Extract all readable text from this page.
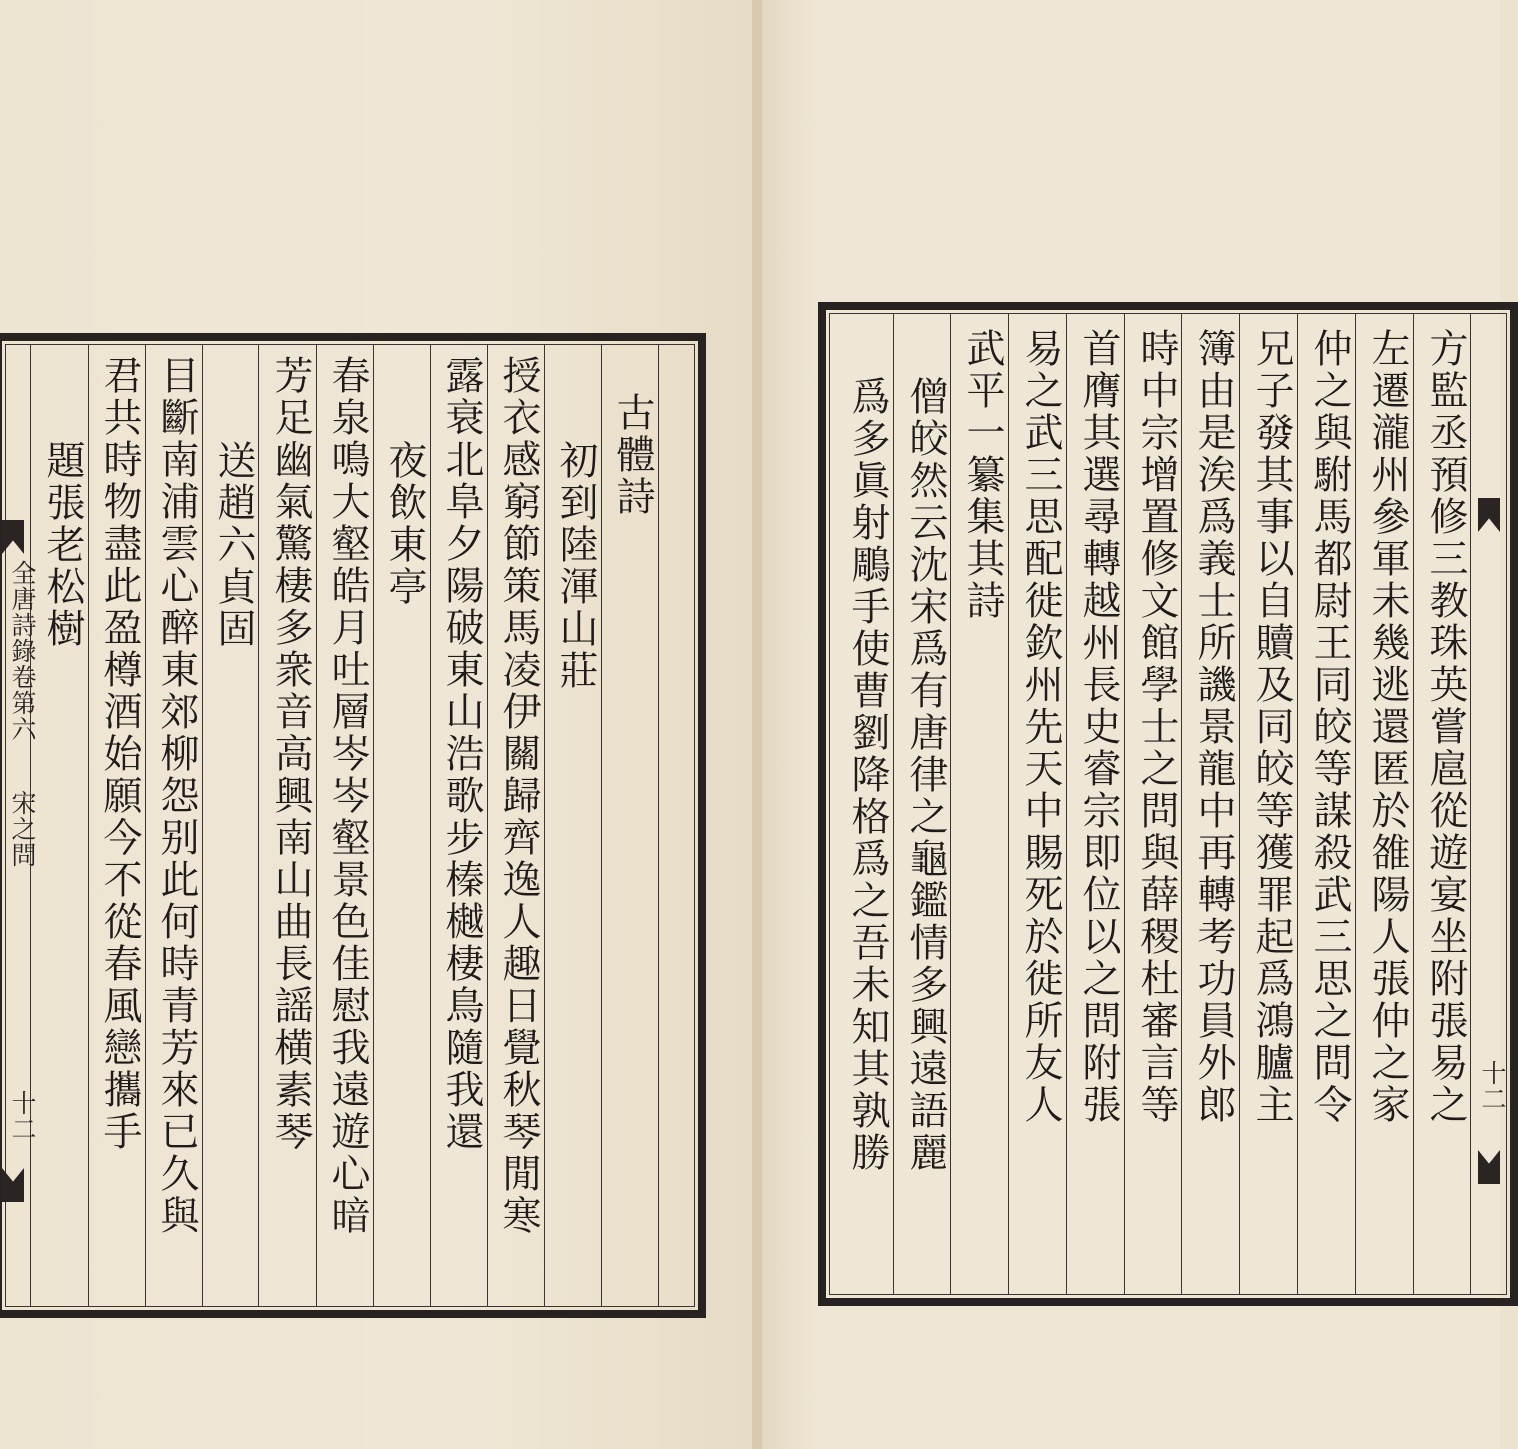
全唐詩錄卷第六
宋之問
十二
古體詩
初到陸渾山莊
授衣感窮節策馬凌伊關歸齊逸人趣日覺秋琴閒寒
露衰北阜夕陽破東山浩歌步榛樾棲鳥隨我還
夜飲東亭
春泉鳴大壑皓月吐層岑岑壑景色佳慰我遠遊心暗
芳足幽氣驚棲多衆音高興南山曲長謡横素琴
送趙六貞固
目斷南浦雲心醉東郊柳怨别此何時青芳來已久與
君共時物盡此盈樽酒始願今不從春風戀攜手
題張老松樹
十二
方監丞預修三教珠英嘗扈從遊宴坐附張易之
左遷瀧州參軍未幾逃還匿於雒陽人張仲之家
仲之與駙馬都尉王同皎等謀殺武三思之問令
兄子發其事以自贖及同皎等獲罪起爲鴻臚主
簿由是涘爲義士所譏景龍中再轉考功員外郎
時中宗增置修文館學士之問與薛稷杜審言等
首膺其選尋轉越州長史睿宗即位以之問附張
易之武三思配徙欽州先天中賜死於徙所友人
武平一纂集其詩
僧皎然云沈宋爲有唐律之龜鑑情多興遠語麗
爲多眞射鵰手使曹劉降格爲之吾未知其孰勝
